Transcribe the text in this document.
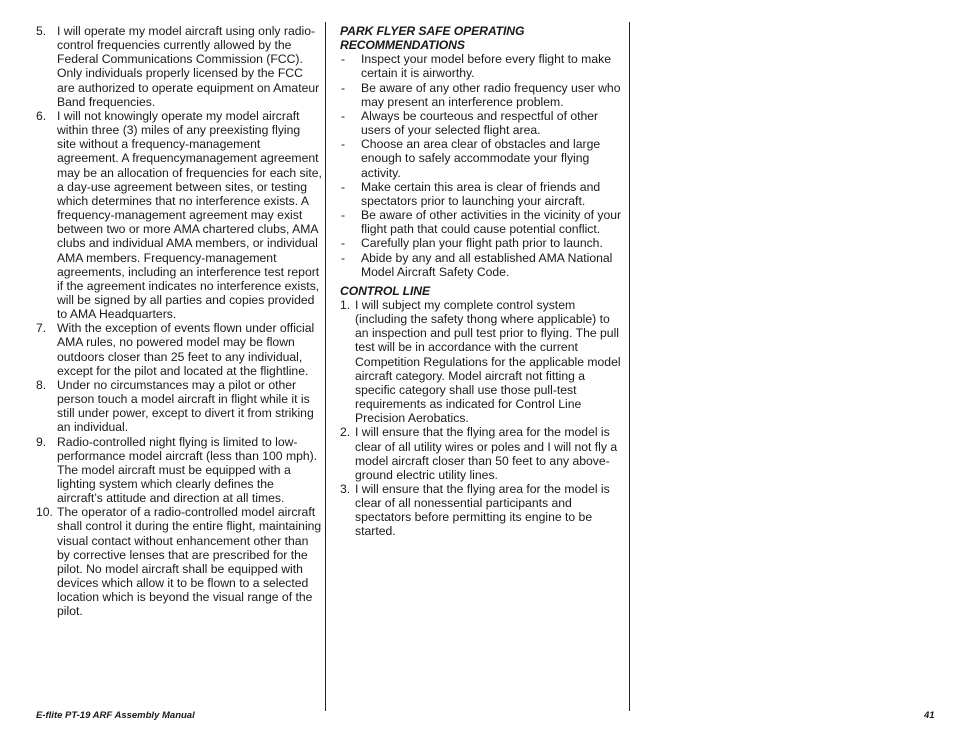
5. I will operate my model aircraft using only radio-control frequencies currently allowed by the Federal Communications Commission (FCC). Only individuals properly licensed by the FCC are authorized to operate equipment on Amateur Band frequencies.
6. I will not knowingly operate my model aircraft within three (3) miles of any preexisting flying site without a frequency-management agreement. A frequencymanagement agreement may be an allocation of frequencies for each site, a day-use agreement between sites, or testing which determines that no interference exists. A frequency-management agreement may exist between two or more AMA chartered clubs, AMA clubs and individual AMA members, or individual AMA members. Frequency-management agreements, including an interference test report if the agreement indicates no interference exists, will be signed by all parties and copies provided to AMA Headquarters.
7. With the exception of events flown under official AMA rules, no powered model may be flown outdoors closer than 25 feet to any individual, except for the pilot and located at the flightline.
8. Under no circumstances may a pilot or other person touch a model aircraft in flight while it is still under power, except to divert it from striking an individual.
9. Radio-controlled night flying is limited to low-performance model aircraft (less than 100 mph). The model aircraft must be equipped with a lighting system which clearly defines the aircraft’s attitude and direction at all times.
10. The operator of a radio-controlled model aircraft shall control it during the entire flight, maintaining visual contact without enhancement other than by corrective lenses that are prescribed for the pilot. No model aircraft shall be equipped with devices which allow it to be flown to a selected location which is beyond the visual range of the pilot.
PARK FLYER SAFE OPERATING RECOMMENDATIONS
-	Inspect your model before every flight to make certain it is airworthy.
-	Be aware of any other radio frequency user who may present an interference problem.
-	Always be courteous and respectful of other users of your selected flight area.
-	Choose an area clear of obstacles and large enough to safely accommodate your flying activity.
-	Make certain this area is clear of friends and spectators prior to launching your aircraft.
-	Be aware of other activities in the vicinity of your flight path that could cause potential conflict.
-	Carefully plan your flight path prior to launch.
-	Abide by any and all established AMA National Model Aircraft Safety Code.
CONTROL LINE
1. I will subject my complete control system (including the safety thong where applicable) to an inspection and pull test prior to flying. The pull test will be in accordance with the current Competition Regulations for the applicable model aircraft category. Model aircraft not fitting a specific category shall use those pull-test requirements as indicated for Control Line Precision Aerobatics.
2. I will ensure that the flying area for the model is clear of all utility wires or poles and I will not fly a model aircraft closer than 50 feet to any above-ground electric utility lines.
3. I will ensure that the flying area for the model is clear of all nonessential participants and spectators before permitting its engine to be started.
E-flite PT-19 ARF Assembly Manual	41
